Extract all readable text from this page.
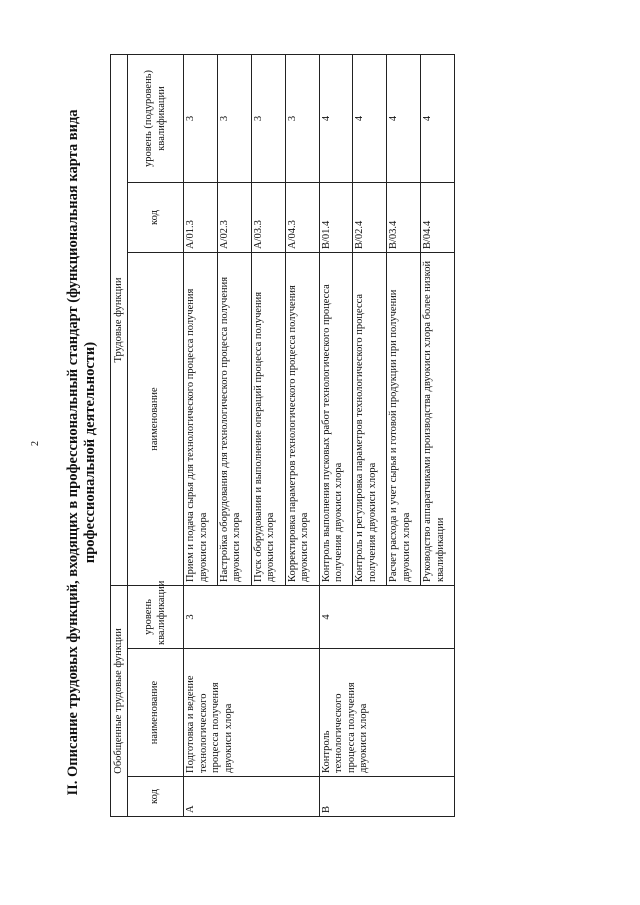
2 II. Описание трудовых функций, входящих в профессиональный стандарт (функциональная карта вида профессиональной деятельности)
Обобщенные трудовые функции			Трудовые функции		
код	наименование	уровень квалификации	наименование	код	уровень (подуровень) квалификации
А	Подготовка и ведение технологического процесса получения двуокиси хлора	3	Прием и подача сырья для технологического процесса получения двуокиси хлора	A/01.3	3
			Настройка оборудования для технологического процесса получения двуокиси хлора	A/02.3	3
			Пуск оборудования и выполнение операций процесса получения двуокиси хлора	A/03.3	3
			Корректировка параметров технологического процесса получения двуокиси хлора	A/04.3	3
В	Контроль технологического процесса получения двуокиси хлора	4	Контроль выполнения пусковых работ технологического процесса получения двуокиси хлора	B/01.4	4
			Контроль и регулировка параметров технологического процесса получения двуокиси хлора	B/02.4	4
			Расчет расхода и учет сырья и готовой продукции при получении двуокиси хлора	B/03.4	4
			Руководство аппаратчиками производства двуокиси хлора более низкой квалификации	B/04.4	4
